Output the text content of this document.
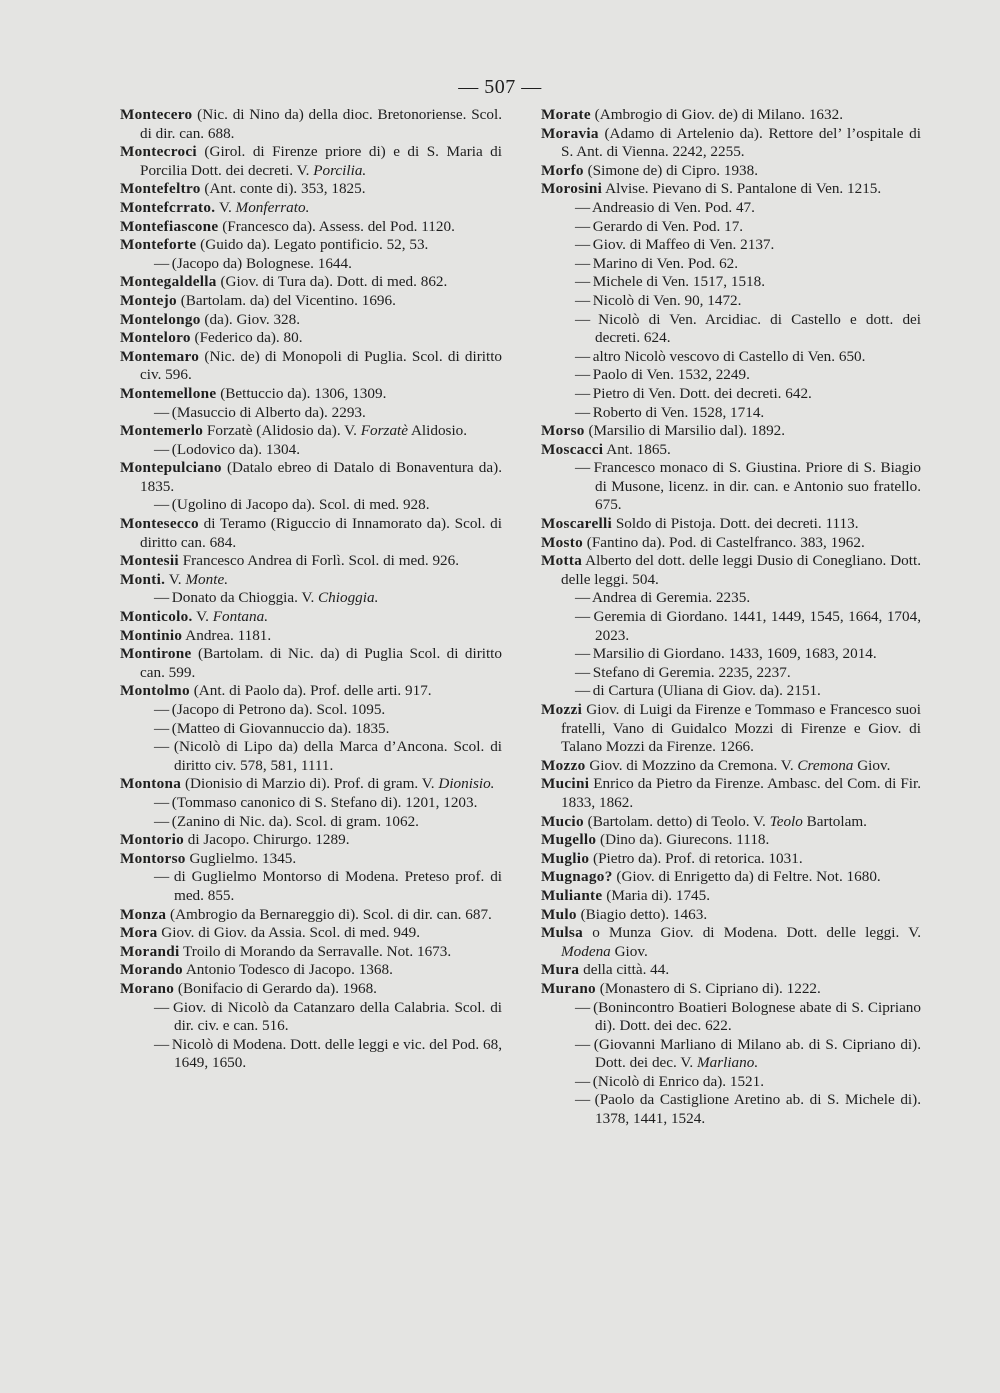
— 507 —

Montecero (Nic. di Nino da) della dioc. Bretonoriense. Scol. di dir. can. 688.

Montecroci (Girol. di Firenze priore di) e di S. Maria di Porcilia Dott. dei decreti. V. Porcilia.

Montefeltro (Ant. conte di). 353, 1825.

Montefcrrato. V. Monferrato.

Montefiascone (Francesco da). Assess. del Pod. 1120.

Monteforte (Guido da). Legato pontificio. 52, 53.

— (Jacopo da) Bolognese. 1644.

Montegaldella (Giov. di Tura da). Dott. di med. 862.

Montejo (Bartolam. da) del Vicentino. 1696.

Montelongo (da). Giov. 328.

Monteloro (Federico da). 80.

Montemaro (Nic. de) di Monopoli di Puglia. Scol. di diritto civ. 596.

Montemellone (Bettuccio da). 1306, 1309.

— (Masuccio di Alberto da). 2293.

Montemerlo Forzatè (Alidosio da). V. Forzatè Alidosio.

— (Lodovico da). 1304.

Montepulciano (Datalo ebreo di Datalo di Bonaventura da). 1835.

— (Ugolino di Jacopo da). Scol. di med. 928.

Montesecco di Teramo (Riguccio di Innamorato da). Scol. di diritto can. 684.

Montesii Francesco Andrea di Forlì. Scol. di med. 926.

Monti. V. Monte.

— Donato da Chioggia. V. Chioggia.

Monticolo. V. Fontana.

Montinio Andrea. 1181.

Montirone (Bartolam. di Nic. da) di Puglia Scol. di diritto can. 599.

Montolmo (Ant. di Paolo da). Prof. delle arti. 917.

— (Jacopo di Petrono da). Scol. 1095.

— (Matteo di Giovannuccio da). 1835.

— (Nicolò di Lipo da) della Marca d’Ancona. Scol. di diritto civ. 578, 581, 1111.

Montona (Dionisio di Marzio di). Prof. di gram. V. Dionisio.

— (Tommaso canonico di S. Stefano di). 1201, 1203.

— (Zanino di Nic. da). Scol. di gram. 1062.

Montorio di Jacopo. Chirurgo. 1289.

Montorso Guglielmo. 1345.

— di Guglielmo Montorso di Modena. Preteso prof. di med. 855.

Monza (Ambrogio da Bernareggio di). Scol. di dir. can. 687.

Mora Giov. di Giov. da Assia. Scol. di med. 949.

Morandi Troilo di Morando da Serravalle. Not. 1673.

Morando Antonio Todesco di Jacopo. 1368.

Morano (Bonifacio di Gerardo da). 1968.

— Giov. di Nicolò da Catanzaro della Calabria. Scol. di dir. civ. e can. 516.

— Nicolò di Modena. Dott. delle leggi e vic. del Pod. 68, 1649, 1650.

Morate (Ambrogio di Giov. de) di Milano. 1632.

Moravia (Adamo di Artelenio da). Rettore del’ l’ospitale di S. Ant. di Vienna. 2242, 2255.

Morfo (Simone de) di Cipro. 1938.

Morosini Alvise. Pievano di S. Pantalone di Ven. 1215.

— Andreasio di Ven. Pod. 47.

— Gerardo di Ven. Pod. 17.

— Giov. di Maffeo di Ven. 2137.

— Marino di Ven. Pod. 62.

— Michele di Ven. 1517, 1518.

— Nicolò di Ven. 90, 1472.

— Nicolò di Ven. Arcidiac. di Castello e dott. dei decreti. 624.

— altro Nicolò vescovo di Castello di Ven. 650.

— Paolo di Ven. 1532, 2249.

— Pietro di Ven. Dott. dei decreti. 642.

— Roberto di Ven. 1528, 1714.

Morso (Marsilio di Marsilio dal). 1892.

Moscacci Ant. 1865.

— Francesco monaco di S. Giustina. Priore di S. Biagio di Musone, licenz. in dir. can. e Antonio suo fratello. 675.

Moscarelli Soldo di Pistoja. Dott. dei decreti. 1113.

Mosto (Fantino da). Pod. di Castelfranco. 383, 1962.

Motta Alberto del dott. delle leggi Dusio di Conegliano. Dott. delle leggi. 504.

— Andrea di Geremia. 2235.

— Geremia di Giordano. 1441, 1449, 1545, 1664, 1704, 2023.

— Marsilio di Giordano. 1433, 1609, 1683, 2014.

— Stefano di Geremia. 2235, 2237.

— di Cartura (Uliana di Giov. da). 2151.

Mozzi Giov. di Luigi da Firenze e Tommaso e Francesco suoi fratelli, Vano di Guidalco Mozzi di Firenze e Giov. di Talano Mozzi da Firenze. 1266.

Mozzo Giov. di Mozzino da Cremona. V. Cremona Giov.

Mucini Enrico da Pietro da Firenze. Ambasc. del Com. di Fir. 1833, 1862.

Mucio (Bartolam. detto) di Teolo. V. Teolo Bartolam.

Mugello (Dino da). Giurecons. 1118.

Muglio (Pietro da). Prof. di retorica. 1031.

Mugnago? (Giov. di Enrigetto da) di Feltre. Not. 1680.

Muliante (Maria di). 1745.

Mulo (Biagio detto). 1463.

Mulsa o Munza Giov. di Modena. Dott. delle leggi. V. Modena Giov.

Mura della città. 44.

Murano (Monastero di S. Cipriano di). 1222.

— (Bonincontro Boatieri Bolognese abate di S. Cipriano di). Dott. dei dec. 622.

— (Giovanni Marliano di Milano ab. di S. Cipriano di). Dott. dei dec. V. Marliano.

— (Nicolò di Enrico da). 1521.

— (Paolo da Castiglione Aretino ab. di S. Michele di). 1378, 1441, 1524.
